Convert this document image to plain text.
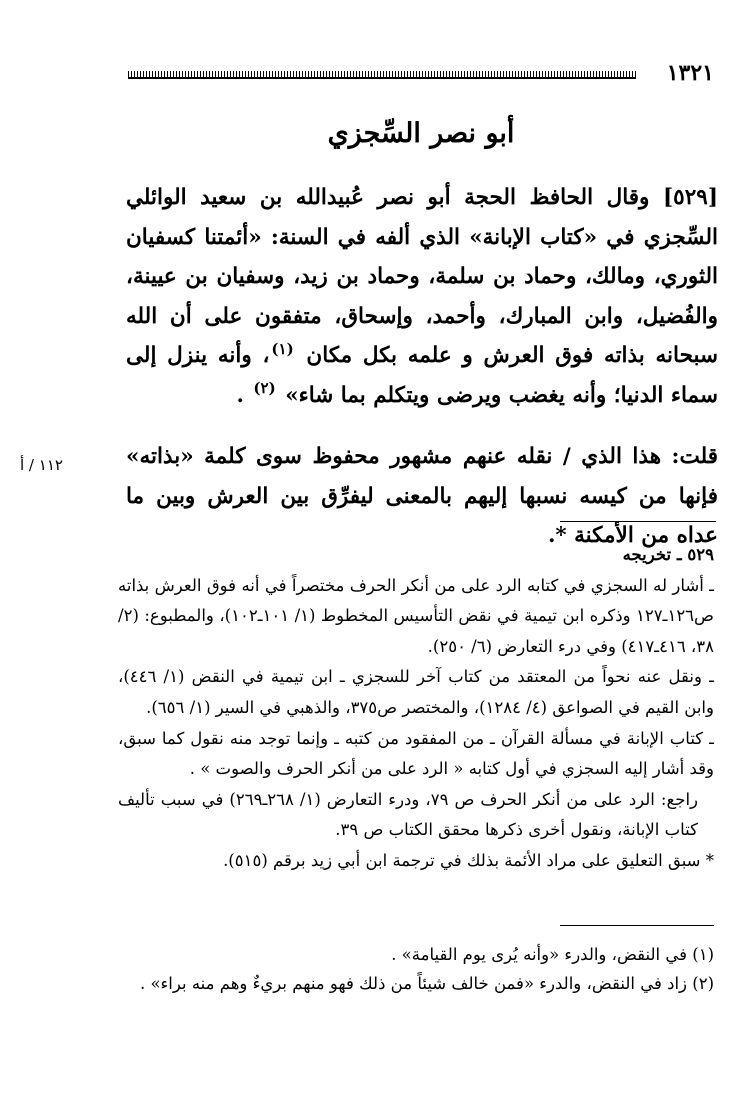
١٣٢١
أبو نصر السِّجزي

[٥٢٩] وقال الحافظ الحجة أبو نصر عُبيدالله بن سعيد الوائلي السِّجزي في «كتاب الإبانة» الذي ألفه في السنة: «أئمتنا كسفيان الثوري، ومالك، وحماد بن سلمة، وحماد بن زيد، وسفيان بن عيينة، والفُضيل، وابن المبارك، وأحمد، وإسحاق، متفقون على أن الله سبحانه بذاته فوق العرش و علمه بكل مكان $^{(١)}$، وأنه ينزل إلى سماء الدنيا؛ وأنه يغضب ويرضى ويتكلم بما شاء» $^{(٢)}$ .

قلت: هذا الذي / نقله عنهم مشهور محفوظ سوى كلمة «بذاته» فإنها من كيسه نسبها إليهم بالمعنى ليفرِّق بين العرش وبين ما عداه من الأمكنة *.

١١٢ / أ

٥٢٩ ـ تخريجه

ـ أشار له السجزي في كتابه الرد على من أنكر الحرف مختصراً في أنه فوق العرش بذاته ص١٢٦ـ١٢٧ وذكره ابن تيمية في نقض التأسيس المخطوط (١/ ١٠١ـ١٠٢)، والمطبوع: (٢/ ٣٨، ٤١٦ـ٤١٧) وفي درء التعارض (٦/ ٢٥٠).

ـ ونقل عنه نحواً من المعتقد من كتاب آخر للسجزي ـ ابن تيمية في النقض (١/ ٤٤٦)، وابن القيم في الصواعق (٤/ ١٢٨٤)، والمختصر ص٣٧٥، والذهبي في السير (١/ ٦٥٦).

ـ كتاب الإبانة في مسألة القرآن ـ من المفقود من كتبه ـ وإنما توجد منه نقول كما سبق، وقد أشار إليه السجزي في أول كتابه « الرد على من أنكر الحرف والصوت » .

راجع: الرد على من أنكر الحرف ص ٧٩، ودرء التعارض (١/ ٢٦٨ـ٢٦٩) في سبب تأليف كتاب الإبانة، ونقول أخرى ذكرها محقق الكتاب ص ٣٩.

* سبق التعليق على مراد الأئمة بذلك في ترجمة ابن أبي زيد برقم (٥١٥).

(١) في النقض، والدرء «وأنه يُرى يوم القيامة» .

(٢) زاد في النقض، والدرء «فمن خالف شيئاً من ذلك فهو منهم بريءٌ وهم منه براء» .
